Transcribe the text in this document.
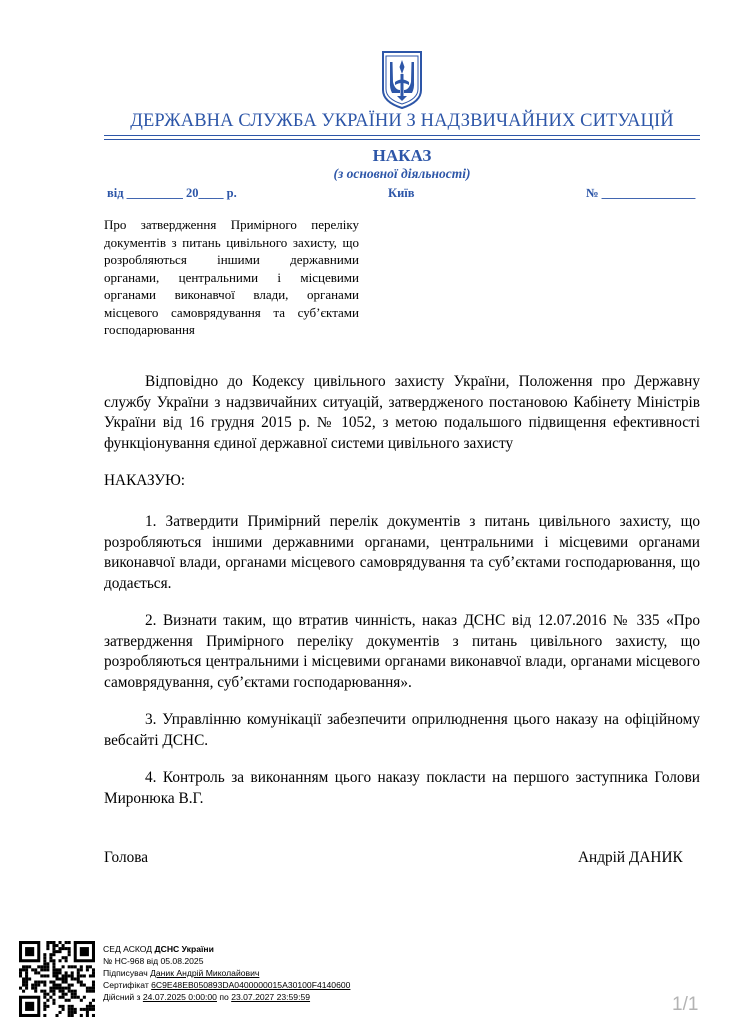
ДЕРЖАВНА СЛУЖБА УКРАЇНИ З НАДЗВИЧАЙНИХ СИТУАЦІЙ
НАКАЗ
(з основної діяльності)
від _________ 20____ р.	Київ	№ _______________
Про затвердження Примірного переліку документів з питань цивільного захисту, що розробляються іншими державними органами, центральними і місцевими органами виконавчої влади, органами місцевого самоврядування та суб’єктами господарювання
Відповідно до Кодексу цивільного захисту України, Положення про Державну службу України з надзвичайних ситуацій, затвердженого постановою Кабінету Міністрів України від 16 грудня 2015 р. № 1052, з метою подальшого підвищення ефективності функціонування єдиної державної системи цивільного захисту
НАКАЗУЮ:
1. Затвердити Примірний перелік документів з питань цивільного захисту, що розробляються іншими державними органами, центральними і місцевими органами виконавчої влади, органами місцевого самоврядування та суб’єктами господарювання, що додається.
2. Визнати таким, що втратив чинність, наказ ДСНС від 12.07.2016 № 335 «Про затвердження Примірного переліку документів з питань цивільного захисту, що розробляються центральними і місцевими органами виконавчої влади, органами місцевого самоврядування, суб’єктами господарювання».
3. Управлінню комунікації забезпечити оприлюднення цього наказу на офіційному вебсайті ДСНС.
4. Контроль за виконанням цього наказу покласти на першого заступника Голови Миронюка В.Г.
Голова	Андрій ДАНИК
СЕД АСКОД ДСНС України
№ НС-968 від 05.08.2025
Підписувач Даник Андрій Миколайович
Сертифікат 6C9E48EB050893DA0400000015A30100F4140600
Дійсний з 24.07.2025 0:00:00 по 23.07.2027 23:59:59	1/1
